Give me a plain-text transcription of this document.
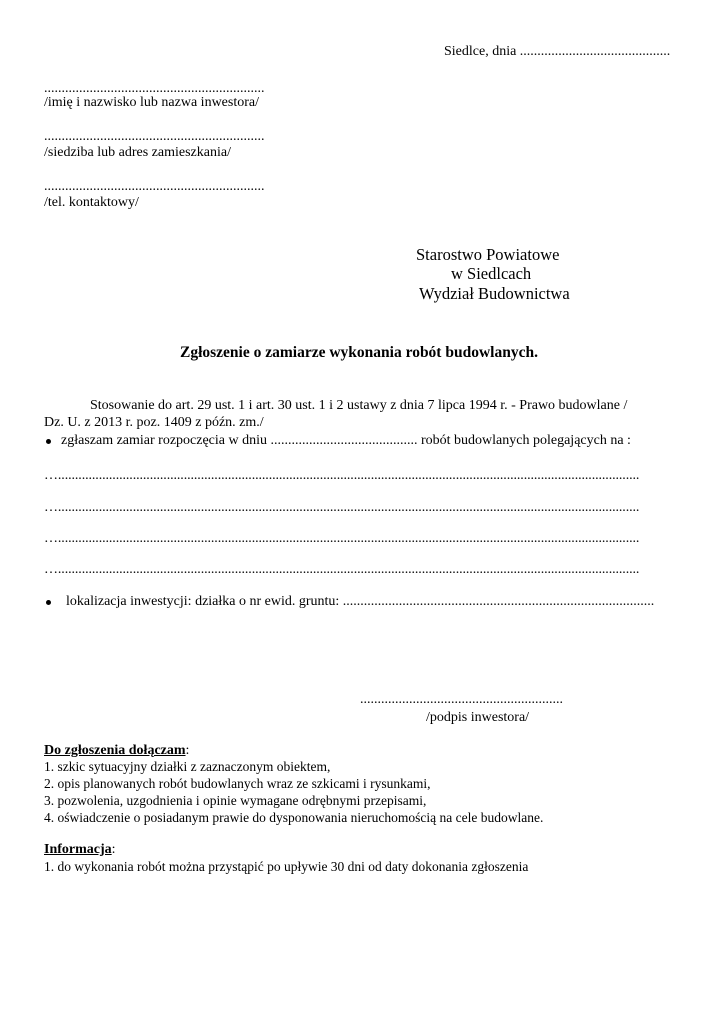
Siedlce, dnia ...........................................
...............................................................
/imię i nazwisko lub nazwa inwestora/
...............................................................
/siedziba lub adres zamieszkania/
...............................................................
/tel. kontaktowy/
Starostwo Powiatowe
w Siedlcach
Wydział Budownictwa
Zgłoszenie o zamiarze wykonania robót budowlanych.
Stosowanie do art. 29 ust. 1 i art. 30 ust. 1 i 2 ustawy z dnia 7 lipca 1994 r. - Prawo budowlane /
Dz. U. z 2013 r. poz. 1409 z późn. zm./
zgłaszam zamiar rozpoczęcia w dniu .......................................... robót budowlanych polegających na :
…...........................................................................................................................................................................
…...........................................................................................................................................................................
…...........................................................................................................................................................................
…...........................................................................................................................................................................
lokalizacja inwestycji: działka o nr ewid. gruntu: .........................................................................................
..........................................................
/podpis inwestora/
Do zgłoszenia dołączam:
1. szkic sytuacyjny działki z zaznaczonym obiektem,
2. opis planowanych robót budowlanych wraz ze szkicami i rysunkami,
3. pozwolenia, uzgodnienia i opinie wymagane odrębnymi przepisami,
4. oświadczenie o posiadanym prawie do dysponowania nieruchomością na cele budowlane.
Informacja:
1. do wykonania robót można przystąpić po upływie 30 dni od daty dokonania zgłoszenia
